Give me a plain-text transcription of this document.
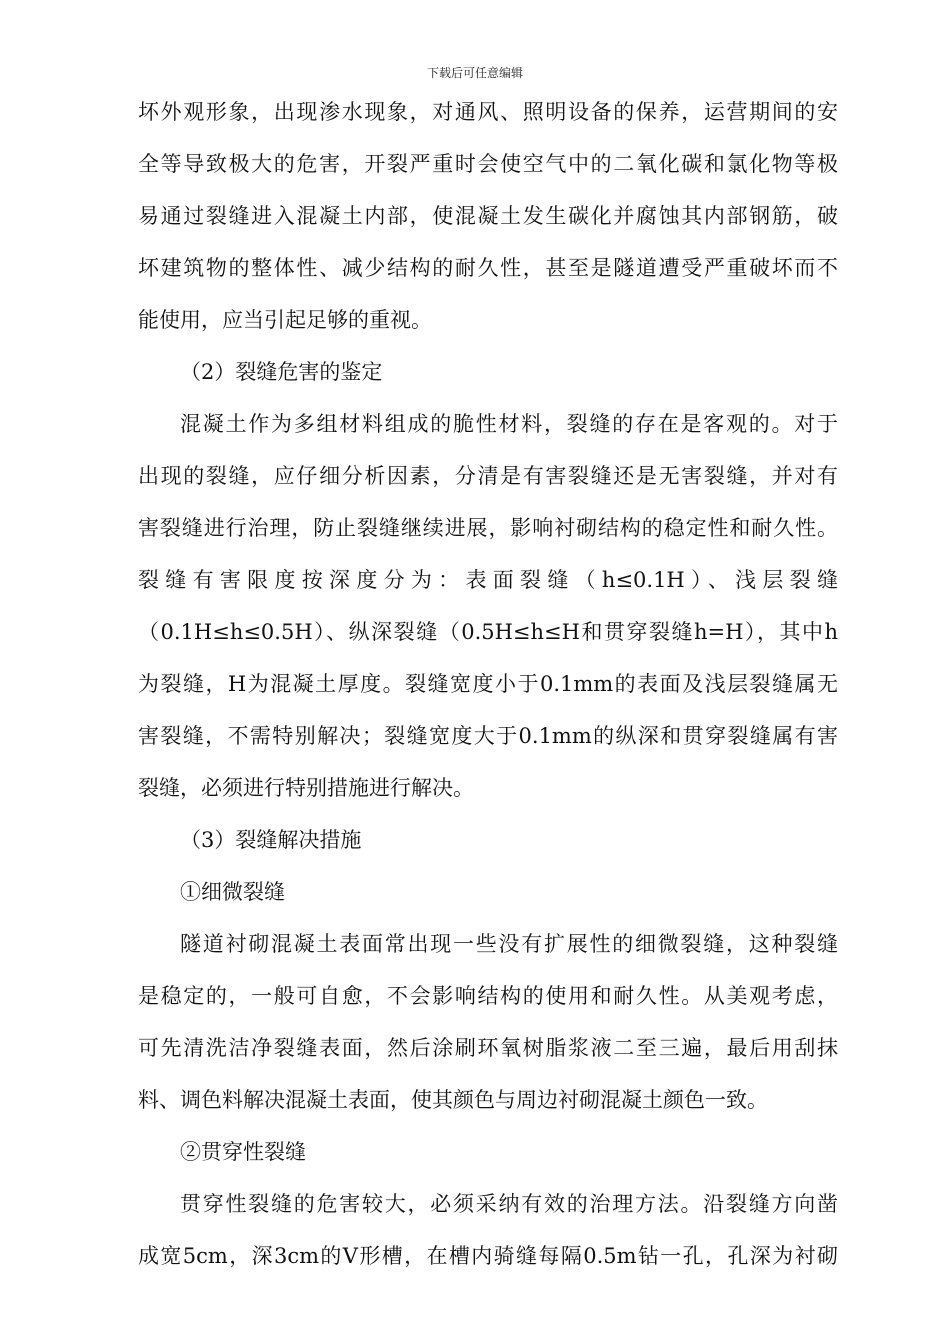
下载后可任意编辑
坏外观形象，出现渗水现象，对通风、照明设备的保养，运营期间的安
全等导致极大的危害，开裂严重时会使空气中的二氧化碳和氯化物等极
易通过裂缝进入混凝土内部，使混凝土发生碳化并腐蚀其内部钢筋，破
坏建筑物的整体性、减少结构的耐久性，甚至是隧道遭受严重破坏而不
能使用，应当引起足够的重视。
（2）裂缝危害的鉴定
混凝土作为多组材料组成的脆性材料，裂缝的存在是客观的。对于
出现的裂缝，应仔细分析因素，分清是有害裂缝还是无害裂缝，并对有
害裂缝进行治理，防止裂缝继续进展，影响衬砌结构的稳定性和耐久性。
裂缝有害限度按深度分为：表面裂缝（h≤0.1H）、浅层裂缝
（0.1H≤h≤0.5H）、纵深裂缝（0.5H≤h≤H和贯穿裂缝h=H），其中h
为裂缝，H为混凝土厚度。裂缝宽度小于0.1mm的表面及浅层裂缝属无
害裂缝，不需特别解决；裂缝宽度大于0.1mm的纵深和贯穿裂缝属有害
裂缝，必须进行特别措施进行解决。
（3）裂缝解决措施
①细微裂缝
隧道衬砌混凝土表面常出现一些没有扩展性的细微裂缝，这种裂缝
是稳定的，一般可自愈，不会影响结构的使用和耐久性。从美观考虑，
可先清洗洁净裂缝表面，然后涂刷环氧树脂浆液二至三遍，最后用刮抹
料、调色料解决混凝土表面，使其颜色与周边衬砌混凝土颜色一致。
②贯穿性裂缝
贯穿性裂缝的危害较大，必须采纳有效的治理方法。沿裂缝方向凿
成宽5cm，深3cm的V形槽，在槽内骑缝每隔0.5m钻一孔，孔深为衬砌
